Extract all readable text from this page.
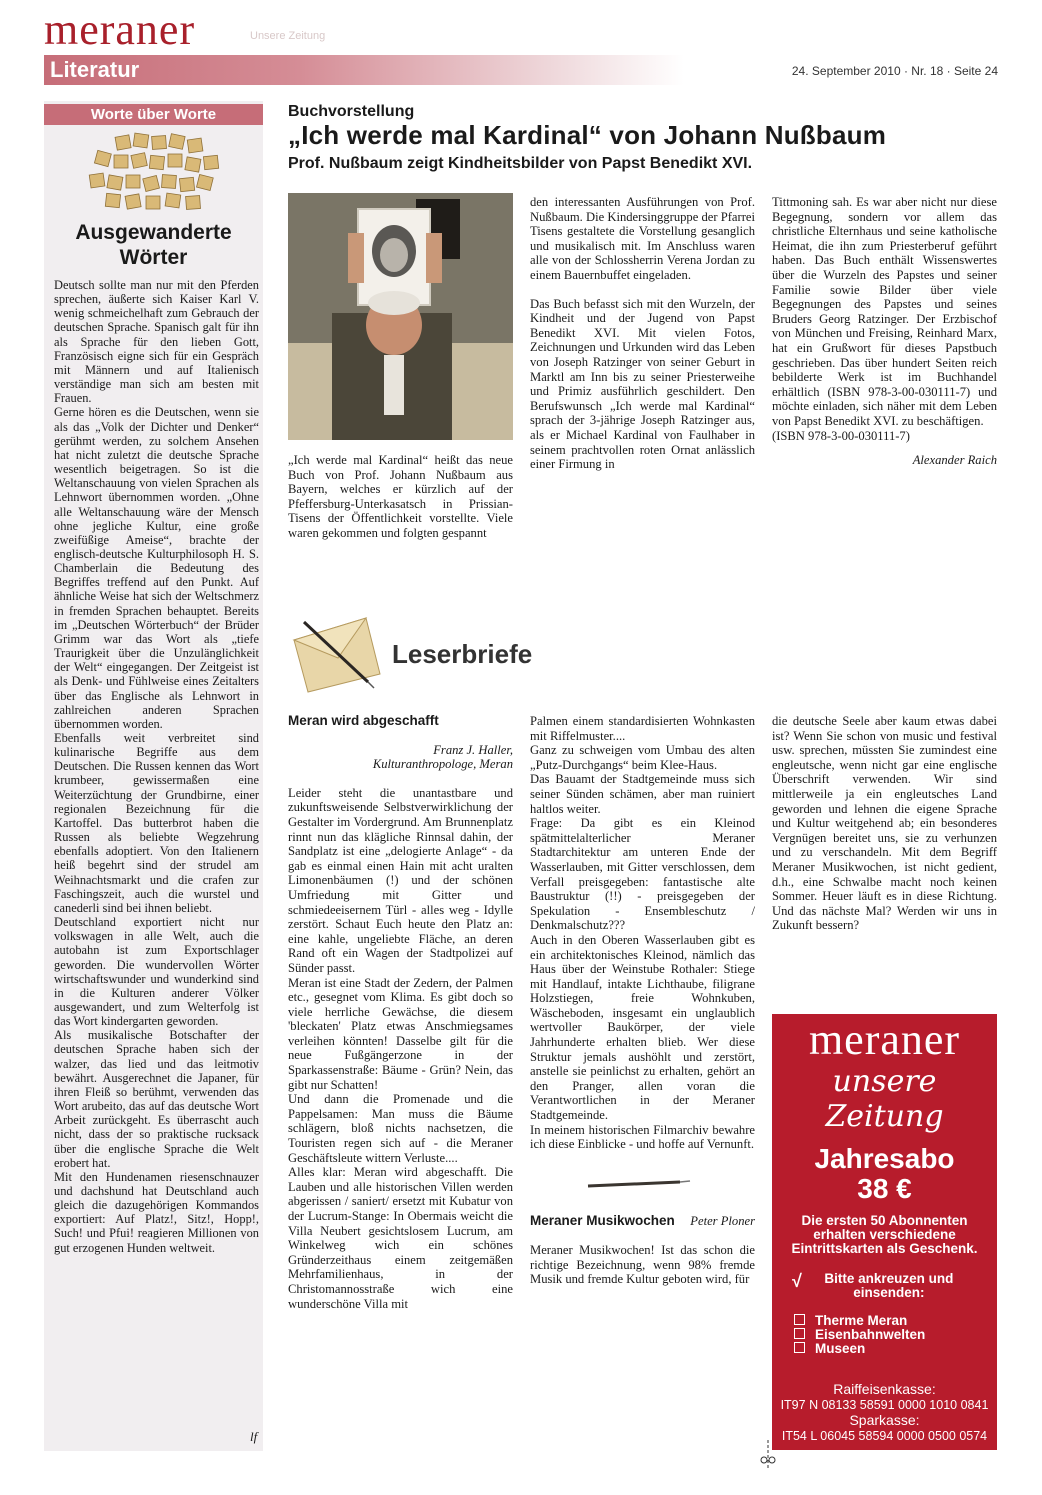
meraner	Unsere Zeitung
Literatur	24. September 2010 · Nr. 18 · Seite 24
Worte über Worte
Ausgewanderte Wörter

Deutsch sollte man nur mit den Pferden sprechen, äußerte sich Kaiser Karl V. wenig schmeichelhaft zum Gebrauch der deutschen Sprache. Spanisch galt für ihn als Sprache für den lieben Gott, Französisch eigne sich für ein Gespräch mit Männern und auf Italienisch verständige man sich am besten mit Frauen.

Gerne hören es die Deutschen, wenn sie als das „Volk der Dichter und Denker“ gerühmt werden, zu solchem Ansehen hat nicht zuletzt die deutsche Sprache wesentlich beigetragen. So ist die Weltanschauung von vielen Sprachen als Lehnwort übernommen worden. „Ohne alle Weltanschauung wäre der Mensch ohne jegliche Kultur, eine große zweifüßige Ameise“, brachte der englisch-deutsche Kulturphilosoph H. S. Chamberlain die Bedeutung des Begriffes treffend auf den Punkt. Auf ähnliche Weise hat sich der Weltschmerz in fremden Sprachen behauptet. Bereits im „Deutschen Wörterbuch“ der Brüder Grimm war das Wort als „tiefe Traurigkeit über die Unzulänglichkeit der Welt“ eingegangen. Der Zeitgeist ist als Denk- und Fühlweise eines Zeitalters über das Englische als Lehnwort in zahlreichen anderen Sprachen übernommen worden.

Ebenfalls weit verbreitet sind kulinarische Begriffe aus dem Deutschen. Die Russen kennen das Wort krumbeer, gewissermaßen eine Weiterzüchtung der Grundbirne, einer regionalen Bezeichnung für die Kartoffel. Das butterbrot haben die Russen als beliebte Wegzehrung ebenfalls adoptiert. Von den Italienern heiß begehrt sind der strudel am Weihnachtsmarkt und die crafen zur Faschingszeit, auch die wurstel und canederli sind bei ihnen beliebt.

Deutschland exportiert nicht nur volkswagen in alle Welt, auch die autobahn ist zum Exportschlager geworden. Die wundervollen Wörter wirtschaftswunder und wunderkind sind in die Kulturen anderer Völker ausgewandert, und zum Welterfolg ist das Wort kindergarten geworden.

Als musikalische Botschafter der deutschen Sprache haben sich der walzer, das lied und das leitmotiv bewährt. Ausgerechnet die Japaner, für ihren Fleiß so berühmt, verwenden das Wort arubeito, das auf das deutsche Wort Arbeit zurückgeht. Es überrascht auch nicht, dass der so praktische rucksack über die englische Sprache die Welt erobert hat.

Mit den Hundenamen riesenschnauzer und dachshund hat Deutschland auch gleich die dazugehörigen Kommandos exportiert: Auf Platz!, Sitz!, Hopp!, Such! und Pfui! reagieren Millionen von gut erzogenen Hunden weltweit.

lf
Buchvorstellung
„Ich werde mal Kardinal“ von Johann Nußbaum
Prof. Nußbaum zeigt Kindheitsbilder von Papst Benedikt XVI.

„Ich werde mal Kardinal“ heißt das neue Buch von Prof. Johann Nußbaum aus Bayern, welches er kürzlich auf der Pfeffersburg-Unterkasatsch in Prissian-Tisens der Öffentlichkeit vorstellte. Viele waren gekommen und folgten gespannt

den interessanten Ausführungen von Prof. Nußbaum. Die Kindersinggruppe der Pfarrei Tisens gestaltete die Vorstellung gesanglich und musikalisch mit. Im Anschluss waren alle von der Schlossherrin Verena Jordan zu einem Bauernbuffet eingeladen.

Das Buch befasst sich mit den Wurzeln, der Kindheit und der Jugend von Papst Benedikt XVI. Mit vielen Fotos, Zeichnungen und Urkunden wird das Leben von Joseph Ratzinger von seiner Geburt in Marktl am Inn bis zu seiner Priesterweihe und Primiz ausführlich geschildert. Den Berufswunsch „Ich werde mal Kardinal“ sprach der 3-jährige Joseph Ratzinger aus, als er Michael Kardinal von Faulhaber in seinem prachtvollen roten Ornat anlässlich einer Firmung in

Tittmoning sah. Es war aber nicht nur diese Begegnung, sondern vor allem das christliche Elternhaus und seine katholische Heimat, die ihn zum Priesterberuf geführt haben. Das Buch enthält Wissenswertes über die Wurzeln des Papstes und seiner Familie sowie Bilder über viele Begegnungen des Papstes und seines Bruders Georg Ratzinger. Der Erzbischof von München und Freising, Reinhard Marx, hat ein Grußwort für dieses Papstbuch geschrieben. Das über hundert Seiten reich bebilderte Werk ist im Buchhandel erhältlich (ISBN 978-3-00-030111-7) und möchte einladen, sich näher mit dem Leben von Papst Benedikt XVI. zu beschäftigen.

(ISBN 978-3-00-030111-7)

Alexander Raich

Leserbriefe
Meran wird abgeschafft

Franz J. Haller,

Kulturanthropologe, Meran

Leider steht die unantastbare und zukunftsweisende Selbstverwirklichung der Gestalter im Vordergrund. Am Brunnenplatz rinnt nun das klägliche Rinnsal dahin, der Sandplatz ist eine „delogierte Anlage“ - da gab es einmal einen Hain mit acht uralten Limonenbäumen (!) und der schönen Umfriedung mit Gitter und schmiedeeisernem Türl - alles weg - Idylle zerstört. Schaut Euch heute den Platz an: eine kahle, ungeliebte Fläche, an deren Rand oft ein Wagen der Stadtpolizei auf Sünder passt.

Meran ist eine Stadt der Zedern, der Palmen etc., gesegnet vom Klima. Es gibt doch so viele herrliche Gewächse, die diesem 'bleckaten' Platz etwas Anschmiegsames verleihen könnten! Dasselbe gilt für die neue Fußgängerzone in der Sparkassenstraße: Bäume - Grün? Nein, das gibt nur Schatten!

Und dann die Promenade und die Pappelsamen: Man muss die Bäume schlägern, bloß nichts nachsetzen, die Touristen regen sich auf - die Meraner Geschäftsleute wittern Verluste....

Alles klar: Meran wird abgeschafft. Die Lauben und alle historischen Villen werden abgerissen / saniert/ ersetzt mit Kubatur von der Lucrum-Stange: In Obermais weicht die Villa Neubert gesichtslosem Lucrum, am Winkelweg wich ein schönes Gründerzeithaus einem zeitgemäßen Mehrfamilienhaus, in der Christomannosstraße wich eine wunderschöne Villa mit

Palmen einem standardisierten Wohnkasten mit Riffelmuster....

Ganz zu schweigen vom Umbau des alten „Putz-Durchgangs“ beim Klee-Haus.

Das Bauamt der Stadtgemeinde muss sich seiner Sünden schämen, aber man ruiniert haltlos weiter.

Frage: Da gibt es ein Kleinod spätmittelalterlicher Meraner Stadtarchitektur am unteren Ende der Wasserlauben, mit Gitter verschlossen, dem Verfall preisgegeben: fantastische alte Baustruktur (!!) - preisgegeben der Spekulation - Ensembleschutz / Denkmalschutz???

Auch in den Oberen Wasserlauben gibt es ein architektonisches Kleinod, nämlich das Haus über der Weinstube Rothaler: Stiege mit Handlauf, intakte Lichthaube, filigrane Holzstiegen, freie Wohnkuben, Wäscheboden, insgesamt ein unglaublich wertvoller Baukörper, der viele Jahrhunderte erhalten blieb. Wer diese Struktur jemals aushöhlt und zerstört, anstelle sie peinlichst zu erhalten, gehört an den Pranger, allen voran die Verantwortlichen in der Meraner Stadtgemeinde.

In meinem historischen Filmarchiv bewahre ich diese Einblicke - und hoffe auf Vernunft.

Meraner Musikwochen	Peter Ploner

Meraner Musikwochen! Ist das schon die richtige Bezeichnung, wenn 98% fremde Musik und fremde Kultur geboten wird, für

die deutsche Seele aber kaum etwas dabei ist? Wenn Sie schon von music und festival usw. sprechen, müssten Sie zumindest eine engleutsche, wenn nicht gar eine englische Überschrift verwenden. Wir sind mittlerweile ja ein engleutsches Land geworden und lehnen die eigene Sprache und Kultur weitgehend ab; ein besonderes Vergnügen bereitet uns, sie zu verhunzen und zu verschandeln. Mit dem Begriff Meraner Musikwochen, ist nicht gedient, d.h., eine Schwalbe macht noch keinen Sommer. Heuer läuft es in diese Richtung. Und das nächste Mal? Werden wir uns in Zukunft bessern?

meraner
unsere Zeitung
Jahresabo
38 €
Die ersten 50 Abonnenten erhalten verschiedene Eintrittskarten als Geschenk.
√	Bitte ankreuzen und einsenden:
Therme Meran
Eisenbahnwelten
Museen
Raiffeisenkasse:
IT97 N 08133 58591 0000 1010 0841
Sparkasse:
IT54 L 06045 58594 0000 0500 0574
